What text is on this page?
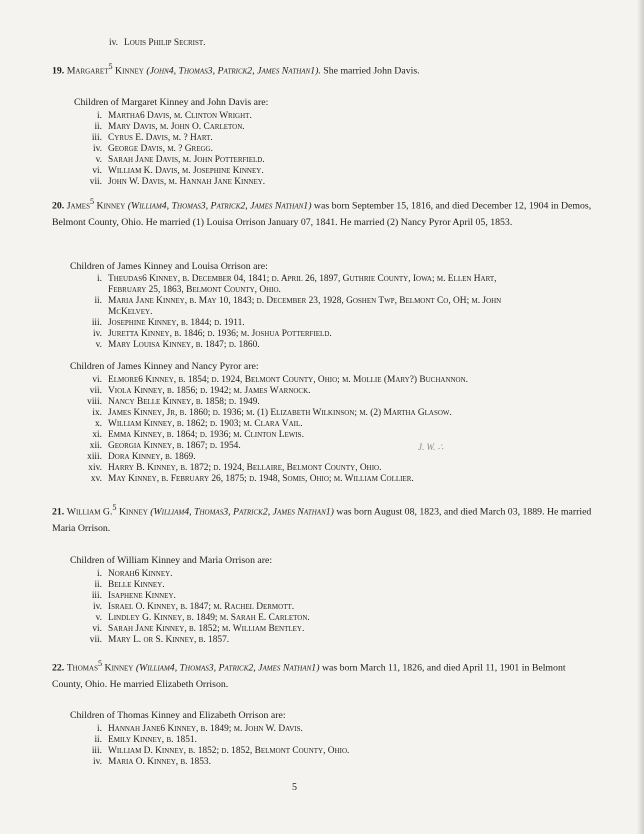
iv. Louis Philip Secrist.
19. Margaret$^5$ Kinney (John4, Thomas3, Patrick2, James Nathan1). She married John Davis.
Children of Margaret Kinney and John Davis are:
i. Martha6 Davis, m. Clinton Wright.
ii. Mary Davis, m. John O. Carleton.
iii. Cyrus E. Davis, m. ? Hart.
iv. George Davis, m. ? Gregg.
v. Sarah Jane Davis, m. John Potterfield.
vi. William K. Davis, m. Josephine Kinney.
vii. John W. Davis, m. Hannah Jane Kinney.
20. James$^5$ Kinney (William4, Thomas3, Patrick2, James Nathan1) was born September 15, 1816, and died December 12, 1904 in Demos, Belmont County, Ohio. He married (1) Louisa Orrison January 07, 1841. He married (2) Nancy Pyror April 05, 1853.
Children of James Kinney and Louisa Orrison are:
i. Theudas6 Kinney, b. December 04, 1841; d. April 26, 1897, Guthrie County, Iowa; m. Ellen Hart,
February 25, 1863, Belmont County, Ohio.
ii. Maria Jane Kinney, b. May 10, 1843; d. December 23, 1928, Goshen Twp, Belmont Co, OH; m. John
McKelvey.
iii. Josephine Kinney, b. 1844; d. 1911.
iv. Juretta Kinney, b. 1846; d. 1936; m. Joshua Potterfield.
v. Mary Louisa Kinney, b. 1847; d. 1860.
Children of James Kinney and Nancy Pyror are:
vi. Elmore6 Kinney, b. 1854; d. 1924, Belmont County, Ohio; m. Mollie (Mary?) Buchannon.
vii. Viola Kinney, b. 1856; d. 1942; m. James Warnock.
viii. Nancy Belle Kinney, b. 1858; d. 1949.
ix. James Kinney, Jr, b. 1860; d. 1936; m. (1) Elizabeth Wilkinson; m. (2) Martha Glasow.
x. William Kinney, b. 1862; d. 1903; m. Clara Vail.
xi. Emma Kinney, b. 1864; d. 1936; m. Clinton Lewis.
xii. Georgia Kinney, b. 1867; d. 1954.
xiii. Dora Kinney, b. 1869.
xiv. Harry B. Kinney, b. 1872; d. 1924, Bellaire, Belmont County, Ohio.
xv. May Kinney, b. February 26, 1875; d. 1948, Somis, Ohio; m. William Collier.
J. W. ∴
21. William G.$^5$ Kinney (William4, Thomas3, Patrick2, James Nathan1) was born August 08, 1823, and died March 03, 1889. He married Maria Orrison.
Children of William Kinney and Maria Orrison are:
i. Norah6 Kinney.
ii. Belle Kinney.
iii. Isaphene Kinney.
iv. Israel O. Kinney, b. 1847; m. Rachel Dermott.
v. Lindley G. Kinney, b. 1849; m. Sarah E. Carleton.
vi. Sarah Jane Kinney, b. 1852; m. William Bentley.
vii. Mary L. or S. Kinney, b. 1857.
22. Thomas$^5$ Kinney (William4, Thomas3, Patrick2, James Nathan1) was born March 11, 1826, and died April 11, 1901 in Belmont County, Ohio. He married Elizabeth Orrison.
Children of Thomas Kinney and Elizabeth Orrison are:
i. Hannah Jane6 Kinney, b. 1849; m. John W. Davis.
ii. Emily Kinney, b. 1851.
iii. William D. Kinney, b. 1852; d. 1852, Belmont County, Ohio.
iv. Maria O. Kinney, b. 1853.
5
